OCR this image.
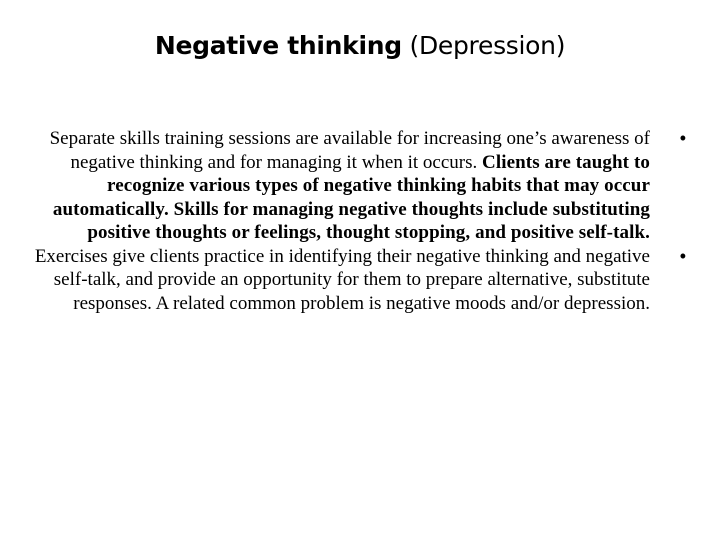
Negative thinking (Depression)

•
Separate skills training sessions are available for increasing one’s awareness of negative thinking and for managing it when it occurs. Clients are taught to recognize various types of negative thinking habits that may occur automatically. Skills for managing negative thoughts include substituting positive thoughts or feelings, thought stopping, and positive self-talk.

•
Exercises give clients practice in identifying their negative thinking and negative self-talk, and provide an opportunity for them to prepare alternative, substitute responses. A related common problem is negative moods and/or depression.
